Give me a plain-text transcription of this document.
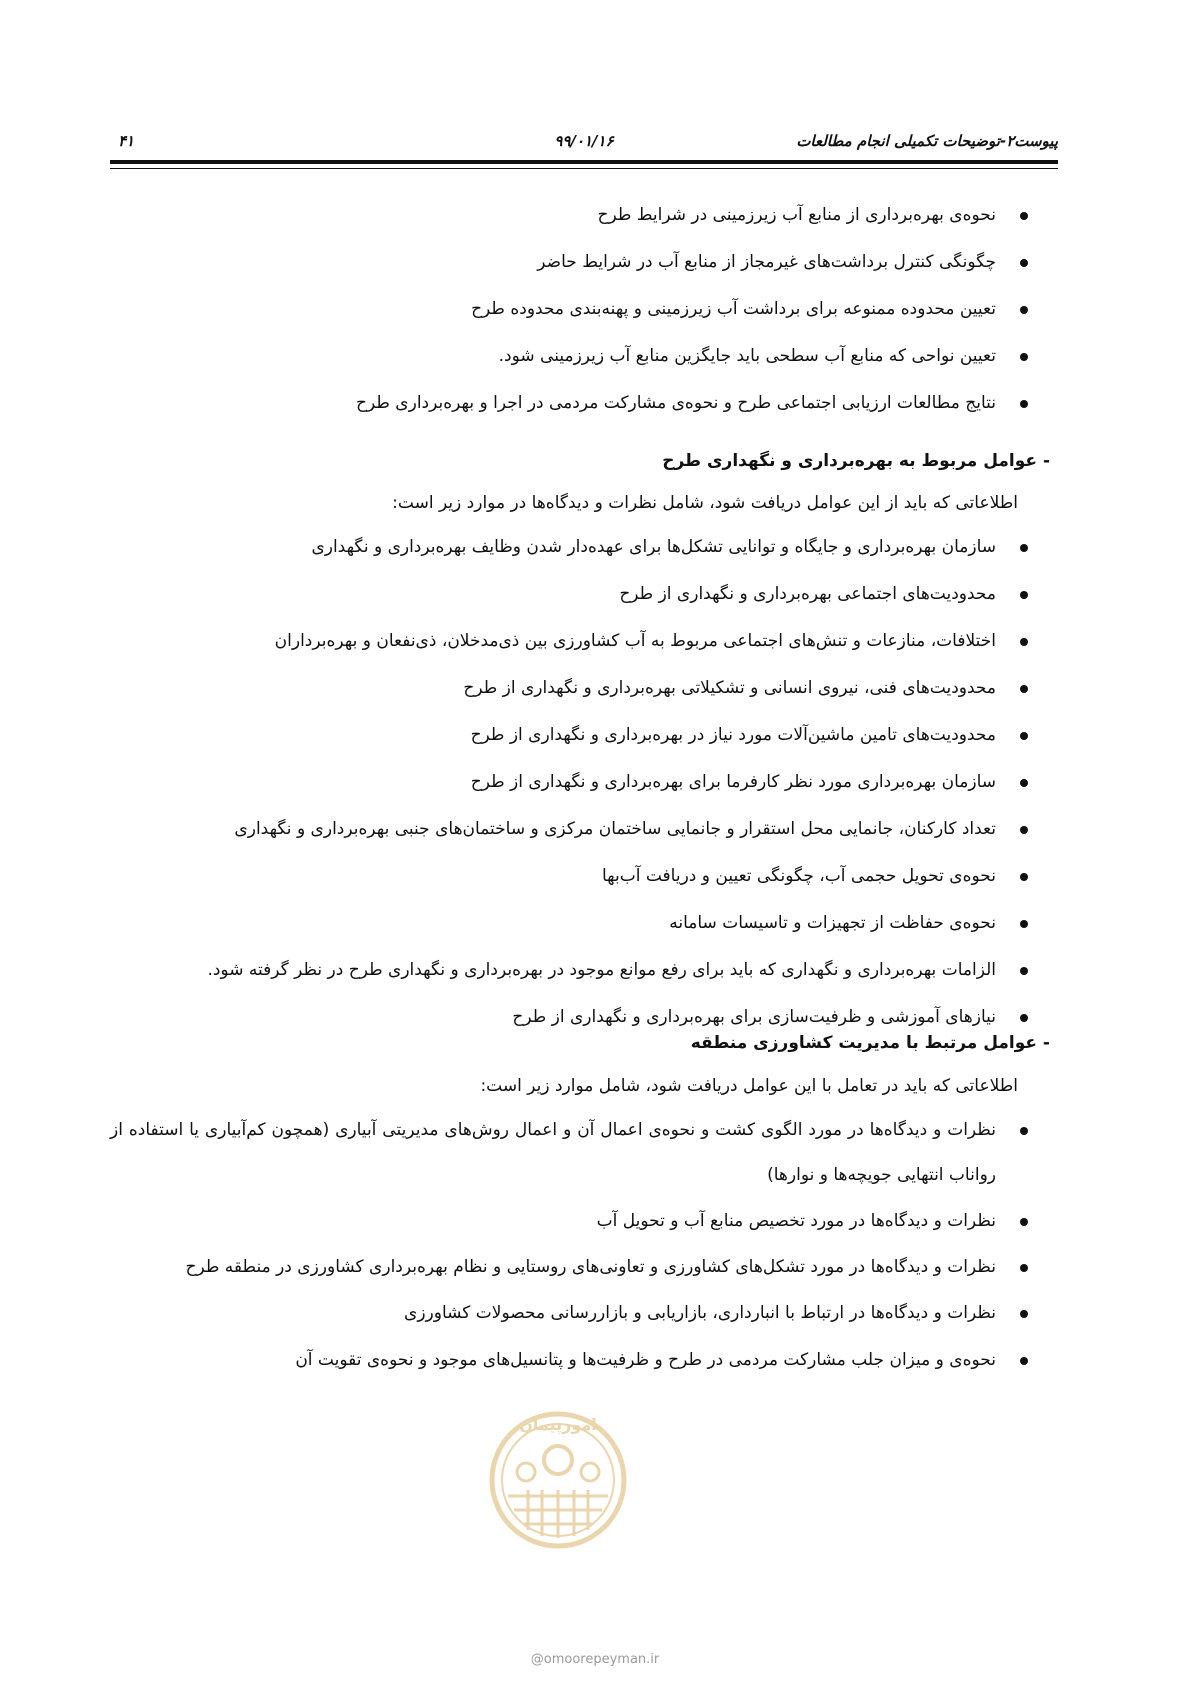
پیوست۲-توضیحات تکمیلی انجام مطالعات
۹۹/۰۱/۱۶
۴۱
نحوه‌ی بهره‌برداری از منابع آب زیرزمینی در شرایط طرح
چگونگی کنترل برداشت‌های غیرمجاز از منابع آب در شرایط حاضر
تعیین محدوده ممنوعه برای برداشت آب زیرزمینی و پهنه‌بندی محدوده طرح
تعیین نواحی که منابع آب سطحی باید جایگزین منابع آب زیرزمینی شود.
نتایج مطالعات ارزیابی اجتماعی طرح و نحوه‌ی مشارکت مردمی در اجرا و بهره‌برداری طرح
- عوامل مربوط به بهره‌برداری و نگهداری طرح
اطلاعاتی که باید از این عوامل دریافت شود، شامل نظرات و دیدگاه‌ها در موارد زیر است:
سازمان بهره‌برداری و جایگاه و توانایی تشکل‌ها برای عهده‌دار شدن وظایف بهره‌برداری و نگهداری
محدودیت‌های اجتماعی بهره‌برداری و نگهداری از طرح
اختلافات، منازعات و تنش‌های اجتماعی مربوط به آب کشاورزی بین ذی‌مدخلان، ذی‌نفعان و بهره‌برداران
محدودیت‌های فنی، نیروی انسانی و تشکیلاتی بهره‌برداری و نگهداری از طرح
محدودیت‌های تامین ماشین‌آلات مورد نیاز در بهره‌برداری و نگهداری از طرح
سازمان بهره‌برداری مورد نظر کارفرما برای بهره‌برداری و نگهداری از طرح
تعداد کارکنان، جانمایی محل استقرار و جانمایی ساختمان مرکزی و ساختمان‌های جنبی بهره‌برداری و نگهداری
نحوه‌ی تحویل حجمی آب، چگونگی تعیین و دریافت آب‌بها
نحوه‌ی حفاظت از تجهیزات و تاسیسات سامانه
الزامات بهره‌برداری و نگهداری که باید برای رفع موانع موجود در بهره‌برداری و نگهداری طرح در نظر گرفته شود.
نیازهای آموزشی و ظرفیت‌سازی برای بهره‌برداری و نگهداری از طرح
- عوامل مرتبط با مدیریت کشاورزی منطقه
اطلاعاتی که باید در تعامل با این عوامل دریافت شود، شامل موارد زیر است:
نظرات و دیدگاه‌ها در مورد الگوی کشت و نحوه‌ی اعمال آن و اعمال روش‌های مدیریتی آبیاری (همچون کم‌آبیاری یا استفاده از رواناب انتهایی جویچه‌ها و نوارها)
نظرات و دیدگاه‌ها در مورد تخصیص منابع آب و تحویل آب
نظرات و دیدگاه‌ها در مورد تشکل‌های کشاورزی و تعاونی‌های روستایی و نظام بهره‌برداری کشاورزی در منطقه طرح
نظرات و دیدگاه‌ها در ارتباط با انبارداری، بازاریابی و بازاررسانی محصولات کشاورزی
نحوه‌ی و میزان جلب مشارکت مردمی در طرح و ظرفیت‌ها و پتانسیل‌های موجود و نحوه‌ی تقویت آن
امورپیمان
@omoorepeyman.ir
